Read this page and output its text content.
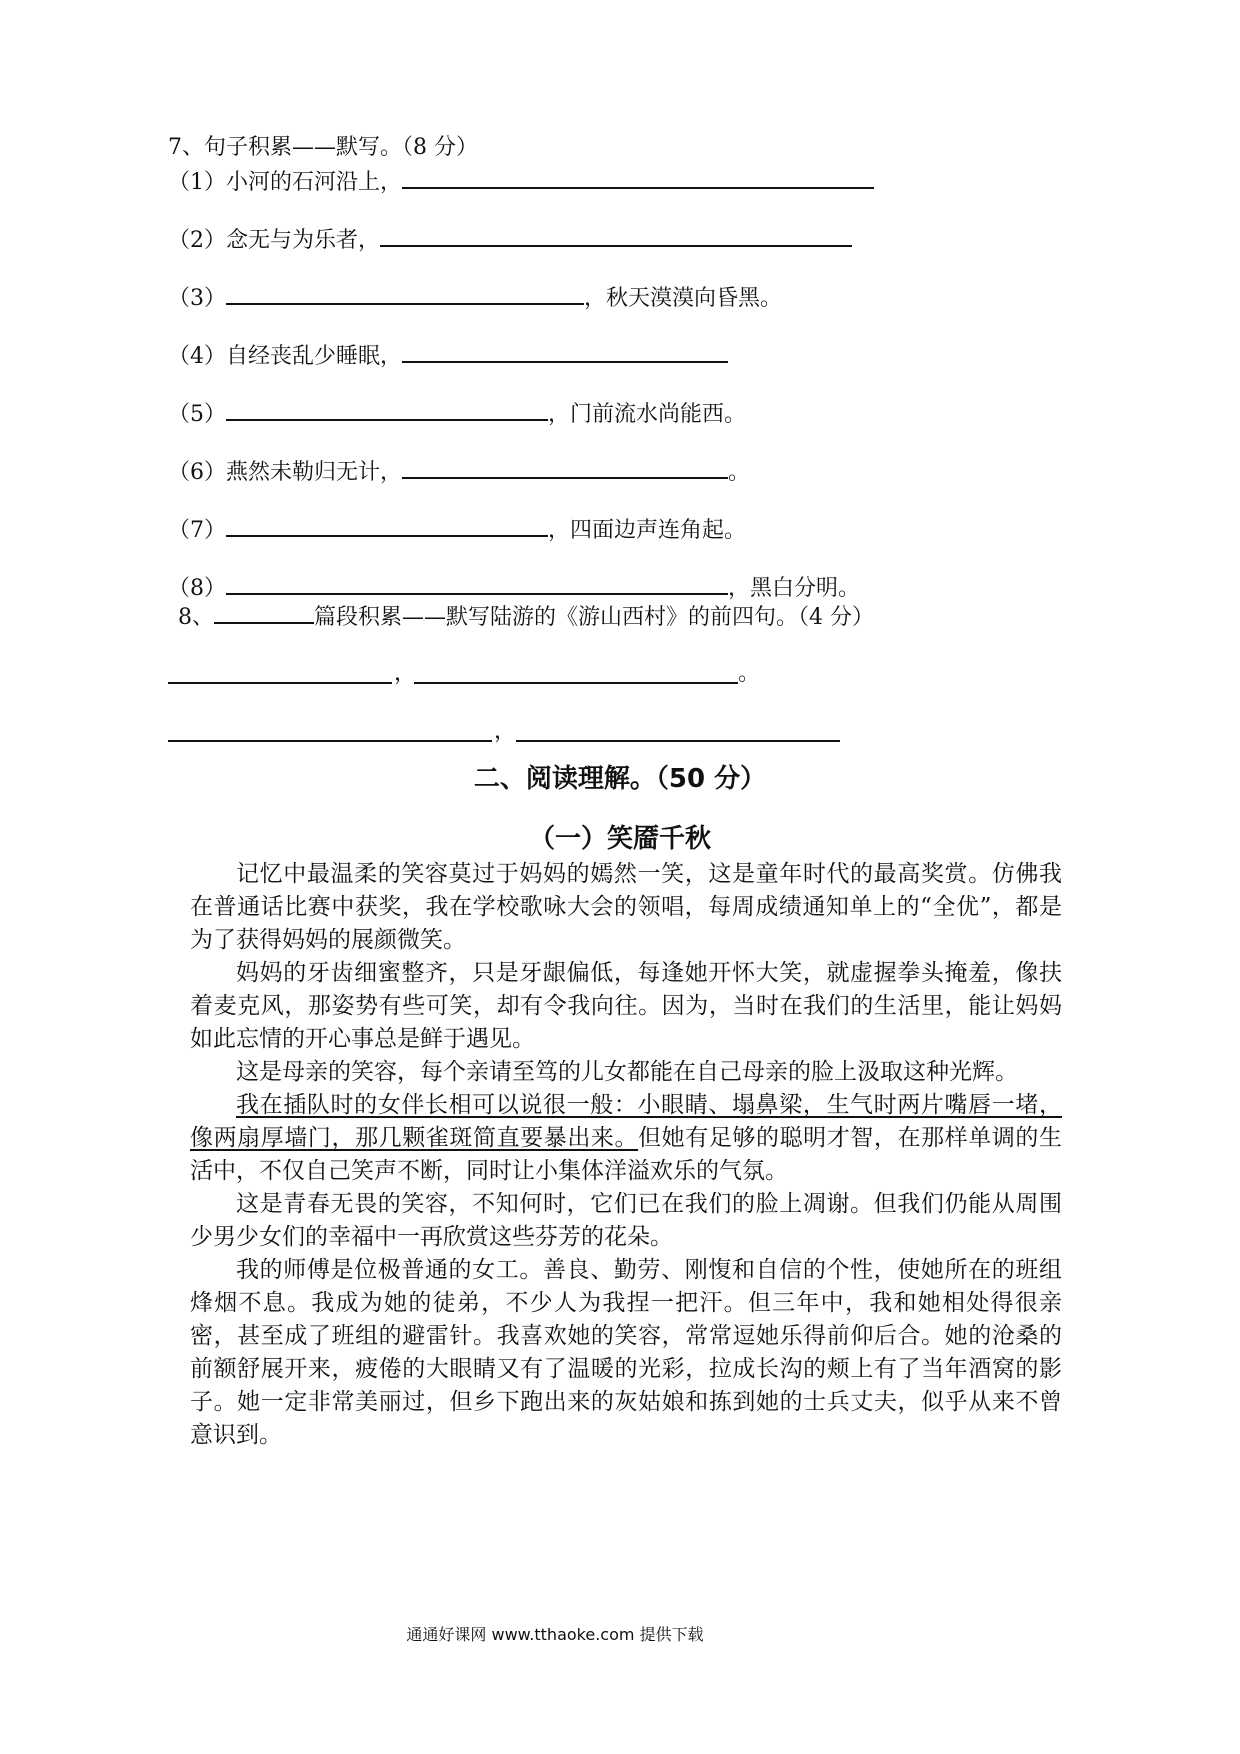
7、句子积累——默写。（8 分）
（1）小河的石河沿上，
（2）念无与为乐者，
（3）	，秋天漠漠向昏黑。
（4）自经丧乱少睡眠，
（5）	，门前流水尚能西。
（6）燕然未勒归无计，	。
（7）	，四面边声连角起。
（8）	，黑白分明。
8、	篇段积累——默写陆游的《游山西村》的前四句。（4 分）
，	。
，
二、阅读理解。（50 分）
（一）笑靥千秋

记忆中最温柔的笑容莫过于妈妈的嫣然一笑，这是童年时代的最高奖赏。仿佛我在普通话比赛中获奖，我在学校歌咏大会的领唱，每周成绩通知单上的“全优”，都是为了获得妈妈的展颜微笑。

妈妈的牙齿细蜜整齐，只是牙龈偏低，每逢她开怀大笑，就虚握拳头掩羞，像扶着麦克风，那姿势有些可笑，却有令我向往。因为，当时在我们的生活里，能让妈妈如此忘情的开心事总是鲜于遇见。

这是母亲的笑容，每个亲请至笃的儿女都能在自己母亲的脸上汲取这种光辉。

我在插队时的女伴长相可以说很一般：小眼睛、塌鼻梁，生气时两片嘴唇一堵，像两扇厚墙门，那几颗雀斑简直要暴出来。但她有足够的聪明才智，在那样单调的生活中，不仅自己笑声不断，同时让小集体洋溢欢乐的气氛。

这是青春无畏的笑容，不知何时，它们已在我们的脸上凋谢。但我们仍能从周围少男少女们的幸福中一再欣赏这些芬芳的花朵。

我的师傅是位极普通的女工。善良、勤劳、刚愎和自信的个性，使她所在的班组烽烟不息。我成为她的徒弟，不少人为我捏一把汗。但三年中，我和她相处得很亲密，甚至成了班组的避雷针。我喜欢她的笑容，常常逗她乐得前仰后合。她的沧桑的前额舒展开来，疲倦的大眼睛又有了温暖的光彩，拉成长沟的颊上有了当年酒窝的影子。她一定非常美丽过，但乡下跑出来的灰姑娘和拣到她的士兵丈夫，似乎从来不曾意识到。

通通好课网 www.tthaoke.com 提供下载
